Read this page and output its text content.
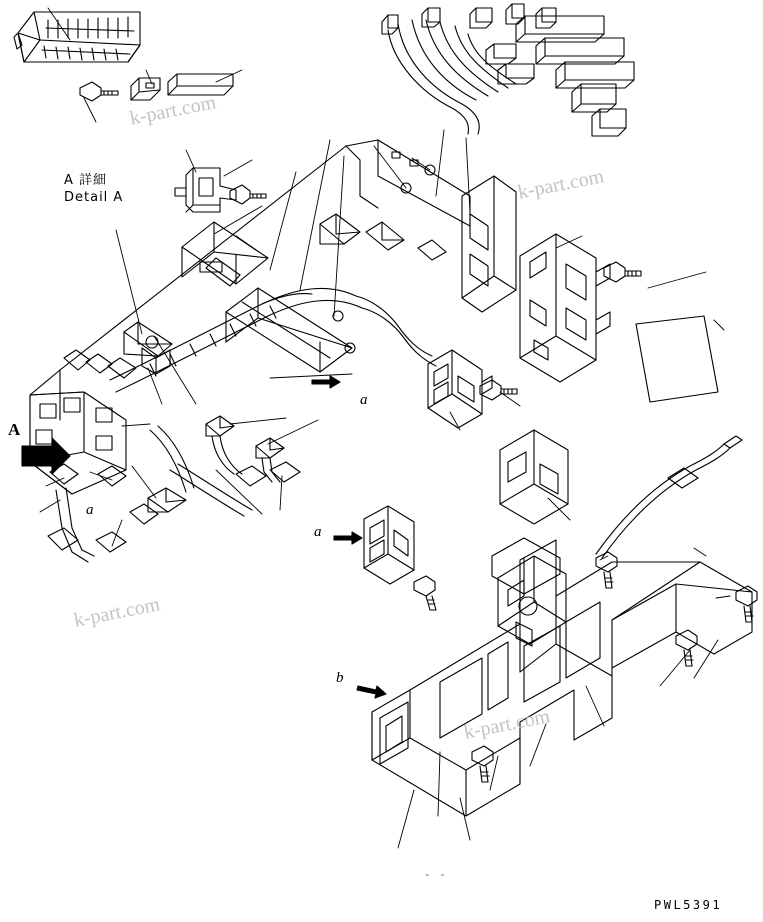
A 詳細
Detail A
A
a
a
a
b
PWL5391
- -
k-part.com
k-part.com
k-part.com
k-part.com
